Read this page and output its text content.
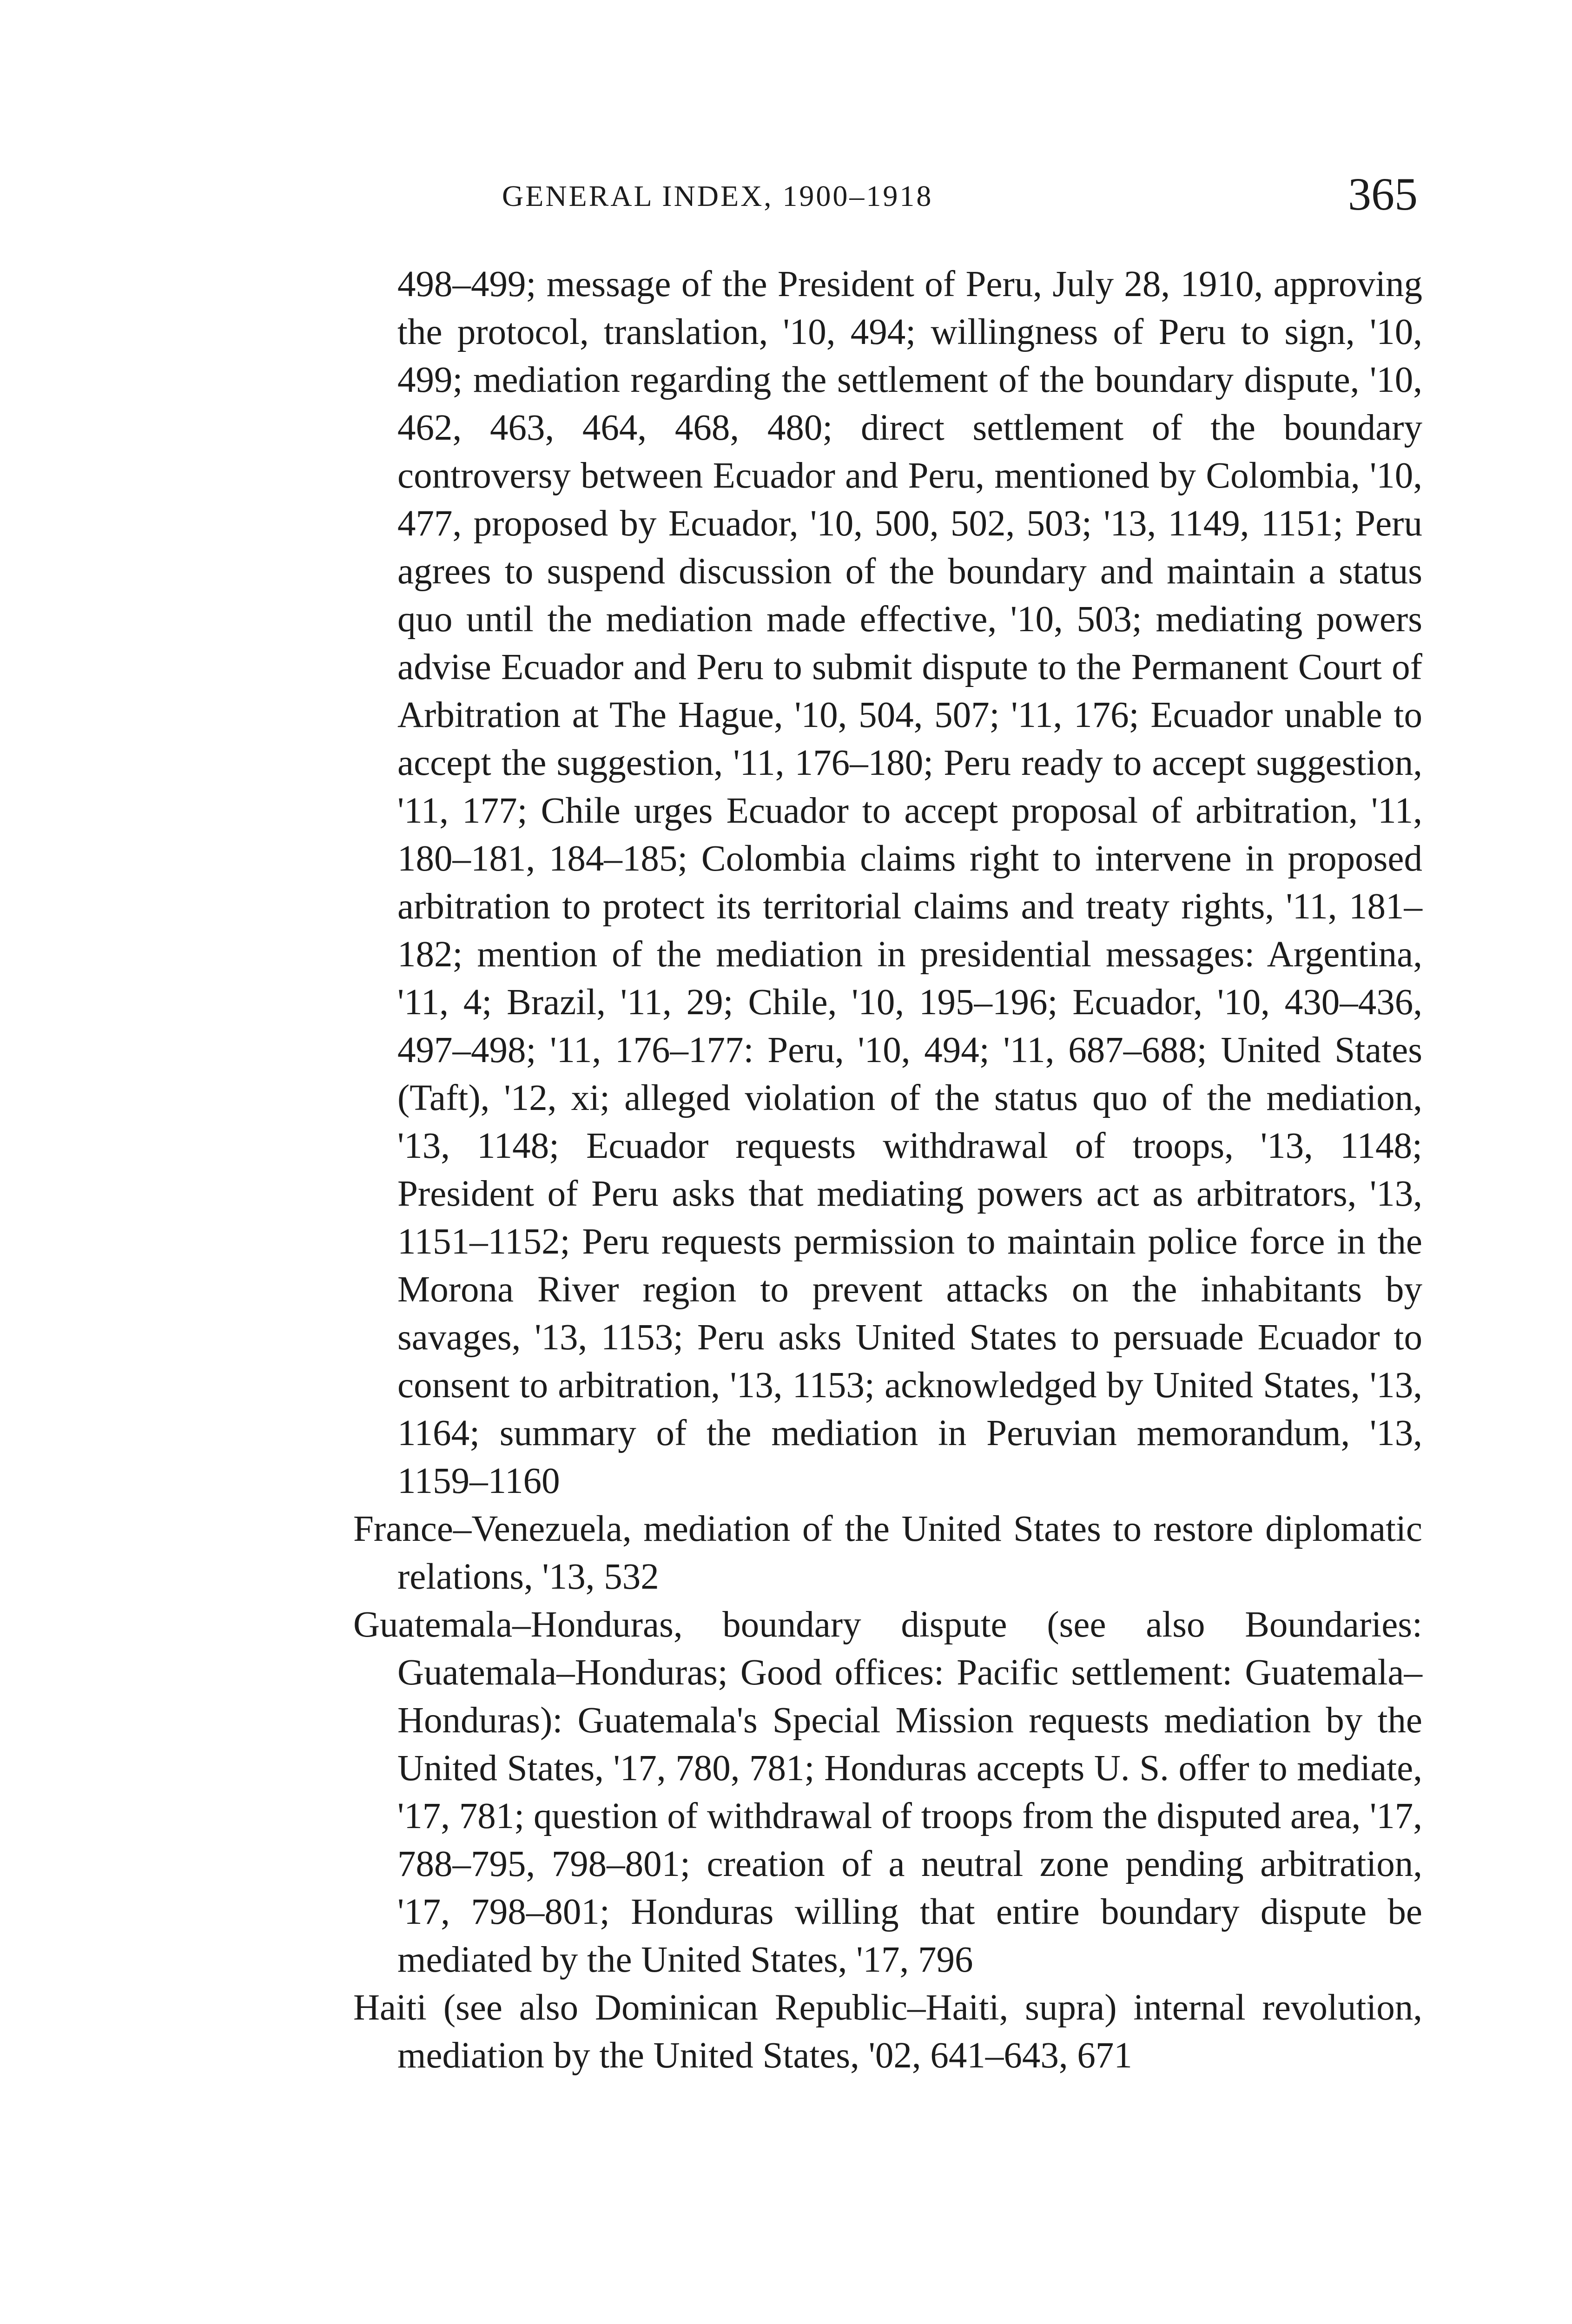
GENERAL INDEX, 1900–1918	365

498–499; message of the President of Peru, July 28, 1910, approving the protocol, translation, '10, 494; willingness of Peru to sign, '10, 499; mediation regarding the settlement of the boundary dispute, '10, 462, 463, 464, 468, 480; direct settlement of the boundary controversy between Ecuador and Peru, mentioned by Colombia, '10, 477, proposed by Ecuador, '10, 500, 502, 503; '13, 1149, 1151; Peru agrees to suspend discussion of the boundary and maintain a status quo until the mediation made effective, '10, 503; mediating powers advise Ecuador and Peru to submit dispute to the Permanent Court of Arbitration at The Hague, '10, 504, 507; '11, 176; Ecuador unable to accept the suggestion, '11, 176–180; Peru ready to accept suggestion, '11, 177; Chile urges Ecuador to accept proposal of arbitration, '11, 180–181, 184–185; Colombia claims right to intervene in proposed arbitration to protect its territorial claims and treaty rights, '11, 181–182; mention of the mediation in presidential messages: Argentina, '11, 4; Brazil, '11, 29; Chile, '10, 195–196; Ecuador, '10, 430–436, 497–498; '11, 176–177: Peru, '10, 494; '11, 687–688; United States (Taft), '12, xi; alleged violation of the status quo of the mediation, '13, 1148; Ecuador requests withdrawal of troops, '13, 1148; President of Peru asks that mediating powers act as arbitrators, '13, 1151–1152; Peru requests permission to maintain police force in the Morona River region to prevent attacks on the inhabitants by savages, '13, 1153; Peru asks United States to persuade Ecuador to consent to arbitration, '13, 1153; acknowledged by United States, '13, 1164; summary of the mediation in Peruvian memorandum, '13, 1159–1160

France–Venezuela, mediation of the United States to restore diplomatic relations, '13, 532

Guatemala–Honduras, boundary dispute (see also Boundaries: Guatemala–Honduras; Good offices: Pacific settlement: Guatemala–Honduras): Guatemala's Special Mission requests mediation by the United States, '17, 780, 781; Honduras accepts U. S. offer to mediate, '17, 781; question of withdrawal of troops from the disputed area, '17, 788–795, 798–801; creation of a neutral zone pending arbitration, '17, 798–801; Honduras willing that entire boundary dispute be mediated by the United States, '17, 796

Haiti (see also Dominican Republic–Haiti, supra) internal revolution, mediation by the United States, '02, 641–643, 671
